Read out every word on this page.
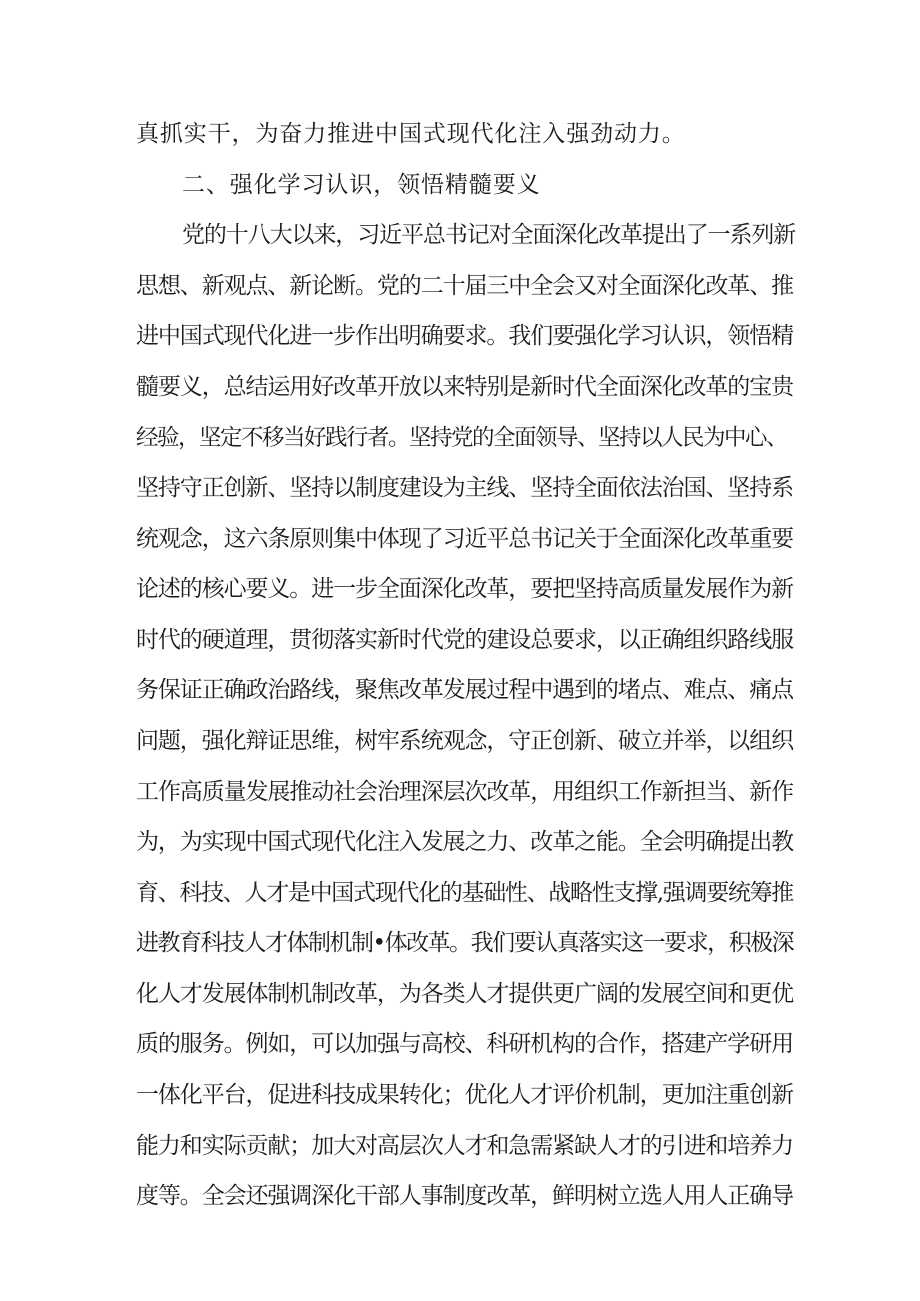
真抓实干，为奋力推进中国式现代化注入强劲动力。
二、强化学习认识，领悟精髓要义
党的十八大以来，习近平总书记对全面深化改革提出了一系列新
思想、新观点、新论断。党的二十届三中全会又对全面深化改革、推
进中国式现代化进一步作出明确要求。我们要强化学习认识，领悟精
髓要义，总结运用好改革开放以来特别是新时代全面深化改革的宝贵
经验，坚定不移当好践行者。坚持党的全面领导、坚持以人民为中心、
坚持守正创新、坚持以制度建设为主线、坚持全面依法治国、坚持系
统观念，这六条原则集中体现了习近平总书记关于全面深化改革重要
论述的核心要义。进一步全面深化改革，要把坚持高质量发展作为新
时代的硬道理，贯彻落实新时代党的建设总要求，以正确组织路线服
务保证正确政治路线，聚焦改革发展过程中遇到的堵点、难点、痛点
问题，强化辩证思维，树牢系统观念，守正创新、破立并举，以组织
工作高质量发展推动社会治理深层次改革，用组织工作新担当、新作
为，为实现中国式现代化注入发展之力、改革之能。全会明确提出教
育、科技、人才是中国式现代化的基础性、战略性支撑,强调要统筹推
进教育科技人才体制机制•体改革。我们要认真落实这一要求，积极深
化人才发展体制机制改革，为各类人才提供更广阔的发展空间和更优
质的服务。例如，可以加强与高校、科研机构的合作，搭建产学研用
一体化平台，促进科技成果转化；优化人才评价机制，更加注重创新
能力和实际贡献；加大对高层次人才和急需紧缺人才的引进和培养力
度等。全会还强调深化干部人事制度改革，鲜明树立选人用人正确导
